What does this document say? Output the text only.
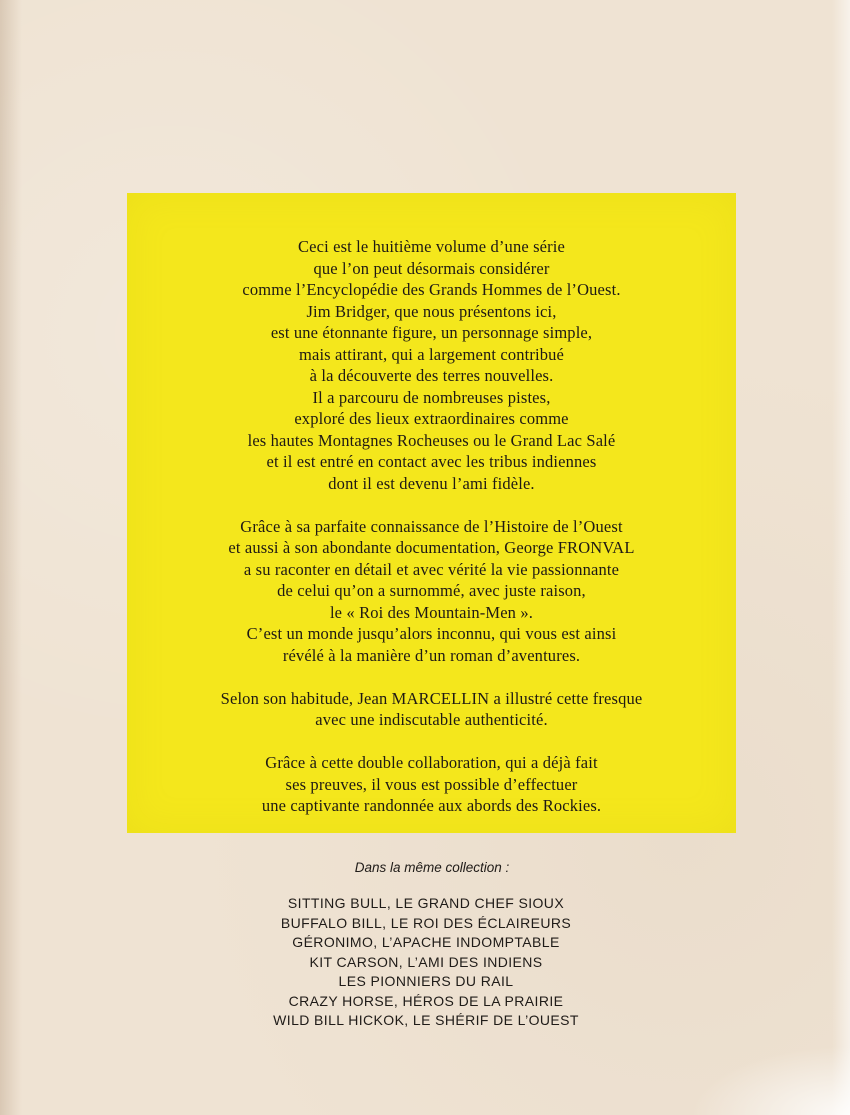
Ceci est le huitième volume d’une série
que l’on peut désormais considérer
comme l’Encyclopédie des Grands Hommes de l’Ouest.
Jim Bridger, que nous présentons ici,
est une étonnante figure, un personnage simple,
mais attirant, qui a largement contribué
à la découverte des terres nouvelles.
Il a parcouru de nombreuses pistes,
exploré des lieux extraordinaires comme
les hautes Montagnes Rocheuses ou le Grand Lac Salé
et il est entré en contact avec les tribus indiennes
dont il est devenu l’ami fidèle.
Grâce à sa parfaite connaissance de l’Histoire de l’Ouest
et aussi à son abondante documentation, George FRONVAL
a su raconter en détail et avec vérité la vie passionnante
de celui qu’on a surnommé, avec juste raison,
le « Roi des Mountain-Men ».
C’est un monde jusqu’alors inconnu, qui vous est ainsi
révélé à la manière d’un roman d’aventures.
Selon son habitude, Jean MARCELLIN a illustré cette fresque
avec une indiscutable authenticité.
Grâce à cette double collaboration, qui a déjà fait
ses preuves, il vous est possible d’effectuer
une captivante randonnée aux abords des Rockies.
Dans la même collection :
SITTING BULL, LE GRAND CHEF SIOUX
BUFFALO BILL, LE ROI DES ÉCLAIREURS
GÉRONIMO, L’APACHE INDOMPTABLE
KIT CARSON, L’AMI DES INDIENS
LES PIONNIERS DU RAIL
CRAZY HORSE, HÉROS DE LA PRAIRIE
WILD BILL HICKOK, LE SHÉRIF DE L’OUEST
